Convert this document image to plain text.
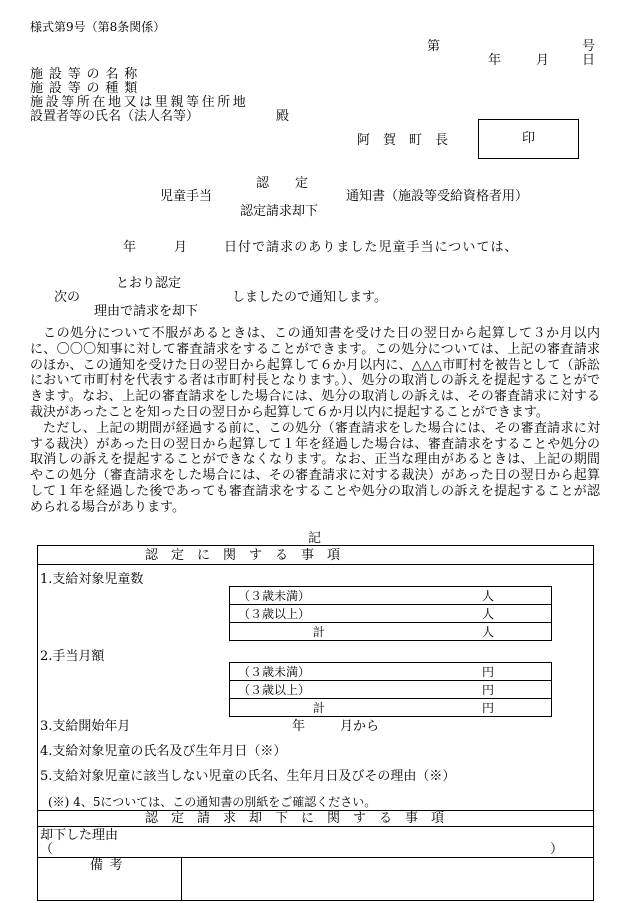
様式第9号（第8条関係）
第	号
年	月	日
施設等の名称
施設等の種類
施設等所在地又は里親等住所地
設置者等の氏名（法人名等）	殿
阿　賀　町　長	印
認　　定
児童手当	通知書（施設等受給資格者用）
認定請求却下
年	月	日付で請求のありました児童手当については、
とおり認定
次の	しましたので通知します。
理由で請求を却下

この処分について不服があるときは、この通知書を受けた日の翌日から起算して３か月以内に、〇〇〇知事に対して審査請求をすることができます。この処分については、上記の審査請求のほか、この通知を受けた日の翌日から起算して６か月以内に、△△△市町村を被告として（訴訟において市町村を代表する者は市町村長となります。）、処分の取消しの訴えを提起することができます。なお、上記の審査請求をした場合には、処分の取消しの訴えは、その審査請求に対する裁決があったことを知った日の翌日から起算して６か月以内に提起することができます。

ただし、上記の期間が経過する前に、この処分（審査請求をした場合には、その審査請求に対する裁決）があった日の翌日から起算して１年を経過した場合は、審査請求をすることや処分の取消しの訴えを提起することができなくなります。なお、正当な理由があるときは、上記の期間やこの処分（審査請求をした場合には、その審査請求に対する裁決）があった日の翌日から起算して１年を経過した後であっても審査請求をすることや処分の取消しの訴えを提起することが認められる場合があります。

記
認　定　に　関　す　る　事　項
1.支給対象児童数
（３歳未満）	人
（３歳以上）	人
計	人
2.手当月額
（３歳未満）	円
（３歳以上）	円
計	円
3.支給開始年月	年	月から
4.支給対象児童の氏名及び生年月日（※）
5.支給対象児童に該当しない児童の氏名、生年月日及びその理由（※）
(※) 4、5については、この通知書の別紙をご確認ください。
認　定　請　求　却　下　に　関　す　る　事　項
却下した理由
（	）
備考
